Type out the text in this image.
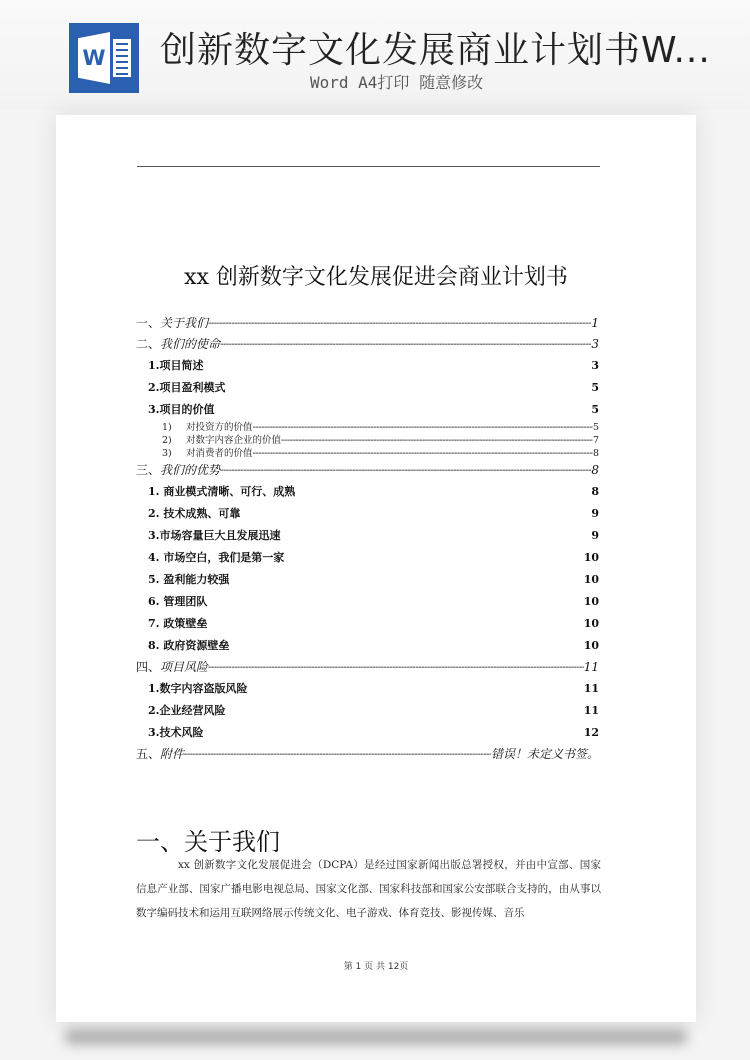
W 创新数字文化发展商业计划书W...
Word A4打印 随意修改
xx 创新数字文化发展促进会商业计划书
一、关于我们 -----	1
二、我们的使命 -----	3
1.项目简述 -----	3
2.项目盈利模式 -----	5
3.项目的价值 -----	5
1) 对投资方的价值 -----	5
2) 对数字内容企业的价值 -----	7
3) 对消费者的价值 -----	8
三、我们的优势 -----	8
1. 商业模式清晰、可行、成熟 -----	8
2. 技术成熟、可靠 -----	9
3.市场容量巨大且发展迅速 -----	9
4. 市场空白，我们是第一家 -----	10
5. 盈利能力较强 -----	10
6. 管理团队 -----	10
7. 政策壁垒 -----	10
8. 政府资源壁垒 -----	10
四、项目风险 -----	11
1.数字内容盗版风险 -----	11
2.企业经营风险 -----	11
3.技术风险 -----	12
五、附件 -----	错误！未定义书签。
一、关于我们

xx 创新数字文化发展促进会（DCPA）是经过国家新闻出版总署授权，并由中宣部、国家信息产业部、国家广播电影电视总局、国家文化部、国家科技部和国家公安部联合支持的，由从事以数字编码技术和运用互联网络展示传统文化、电子游戏、体育竞技、影视传媒、音乐

第 1 页 共 12页
